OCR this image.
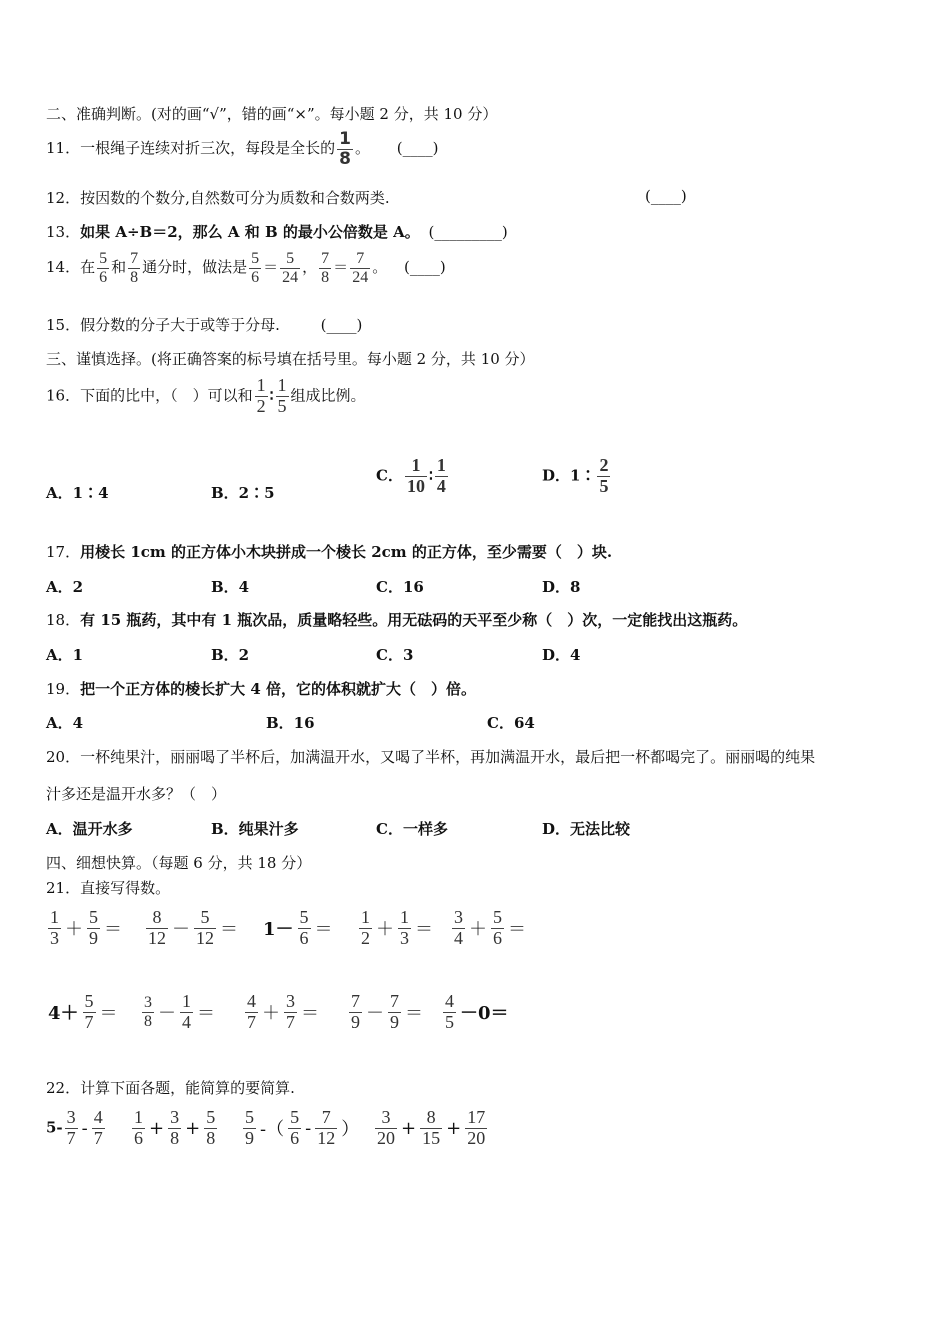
二、准确判断。(对的画“√”，错的画“×”。每小题 2 分，共 10 分）
11．一根绳子连续对折三次，每段是全长的 $\frac{1}{8}$ 。 (____)
12．按因数的个数分,自然数可分为质数和合数两类.	(____)
13．如果 A÷B＝2，那么 A 和 B 的最小公倍数是 A。 (_________)
14．在 $\frac{5}{6}$ 和 $\frac{7}{8}$ 通分时，做法是 $\frac{5}{6} = \frac{5}{24}$ ， $\frac{7}{8} = \frac{7}{24}$ 。 (____)
15．假分数的分子大于或等于分母.	(____)
三、谨慎选择。(将正确答案的标号填在括号里。每小题 2 分，共 10 分）
16．下面的比中，（　）可以和 $\frac{1}{2}$ ∶ $\frac{1}{5}$ 组成比例。
A．1∶4	B．2∶5
C． $\frac{1}{10}$ ∶ $\frac{1}{4}$	D．1∶ $\frac{2}{5}$
17．用棱长 1cm 的正方体小木块拼成一个棱长 2cm 的正方体，至少需要（　）块.
A．2	B．4	C．16	D．8
18．有 15 瓶药，其中有 1 瓶次品，质量略轻些。用无砝码的天平至少称（　）次，一定能找出这瓶药。
A．1	B．2	C．3	D．4
19．把一个正方体的棱长扩大 4 倍，它的体积就扩大（　）倍。
A．4	B．16	C．64
20．一杯纯果汁，丽丽喝了半杯后，加满温开水，又喝了半杯，再加满温开水，最后把一杯都喝完了。丽丽喝的纯果
汁多还是温开水多？（　）
A．温开水多	B．纯果汁多	C．一样多	D．无法比较
四、细想快算。（每题 6 分，共 18 分）
21．直接写得数。
$\frac{1}{3} + \frac{5}{9} = \frac{8}{12} - \frac{5}{12} = 1- \frac{5}{6} = \frac{1}{2} + \frac{1}{3} = \frac{3}{4} + \frac{5}{6}$ ＝
$4+ \frac{5}{7} = \frac{3}{8} - \frac{1}{4} = \frac{4}{7} + \frac{3}{7} = \frac{7}{9} - \frac{7}{9} = \frac{4}{5} -0=$
22．计算下面各题，能简算的要简算.
$5- \frac{3}{7} - \frac{4}{7} \frac{1}{6} + \frac{3}{8} + \frac{5}{8} \frac{5}{9}$ -（ $\frac{5}{6} - \frac{7}{12}$ ） $\frac{3}{20} + \frac{8}{15} + \frac{17}{20}$
